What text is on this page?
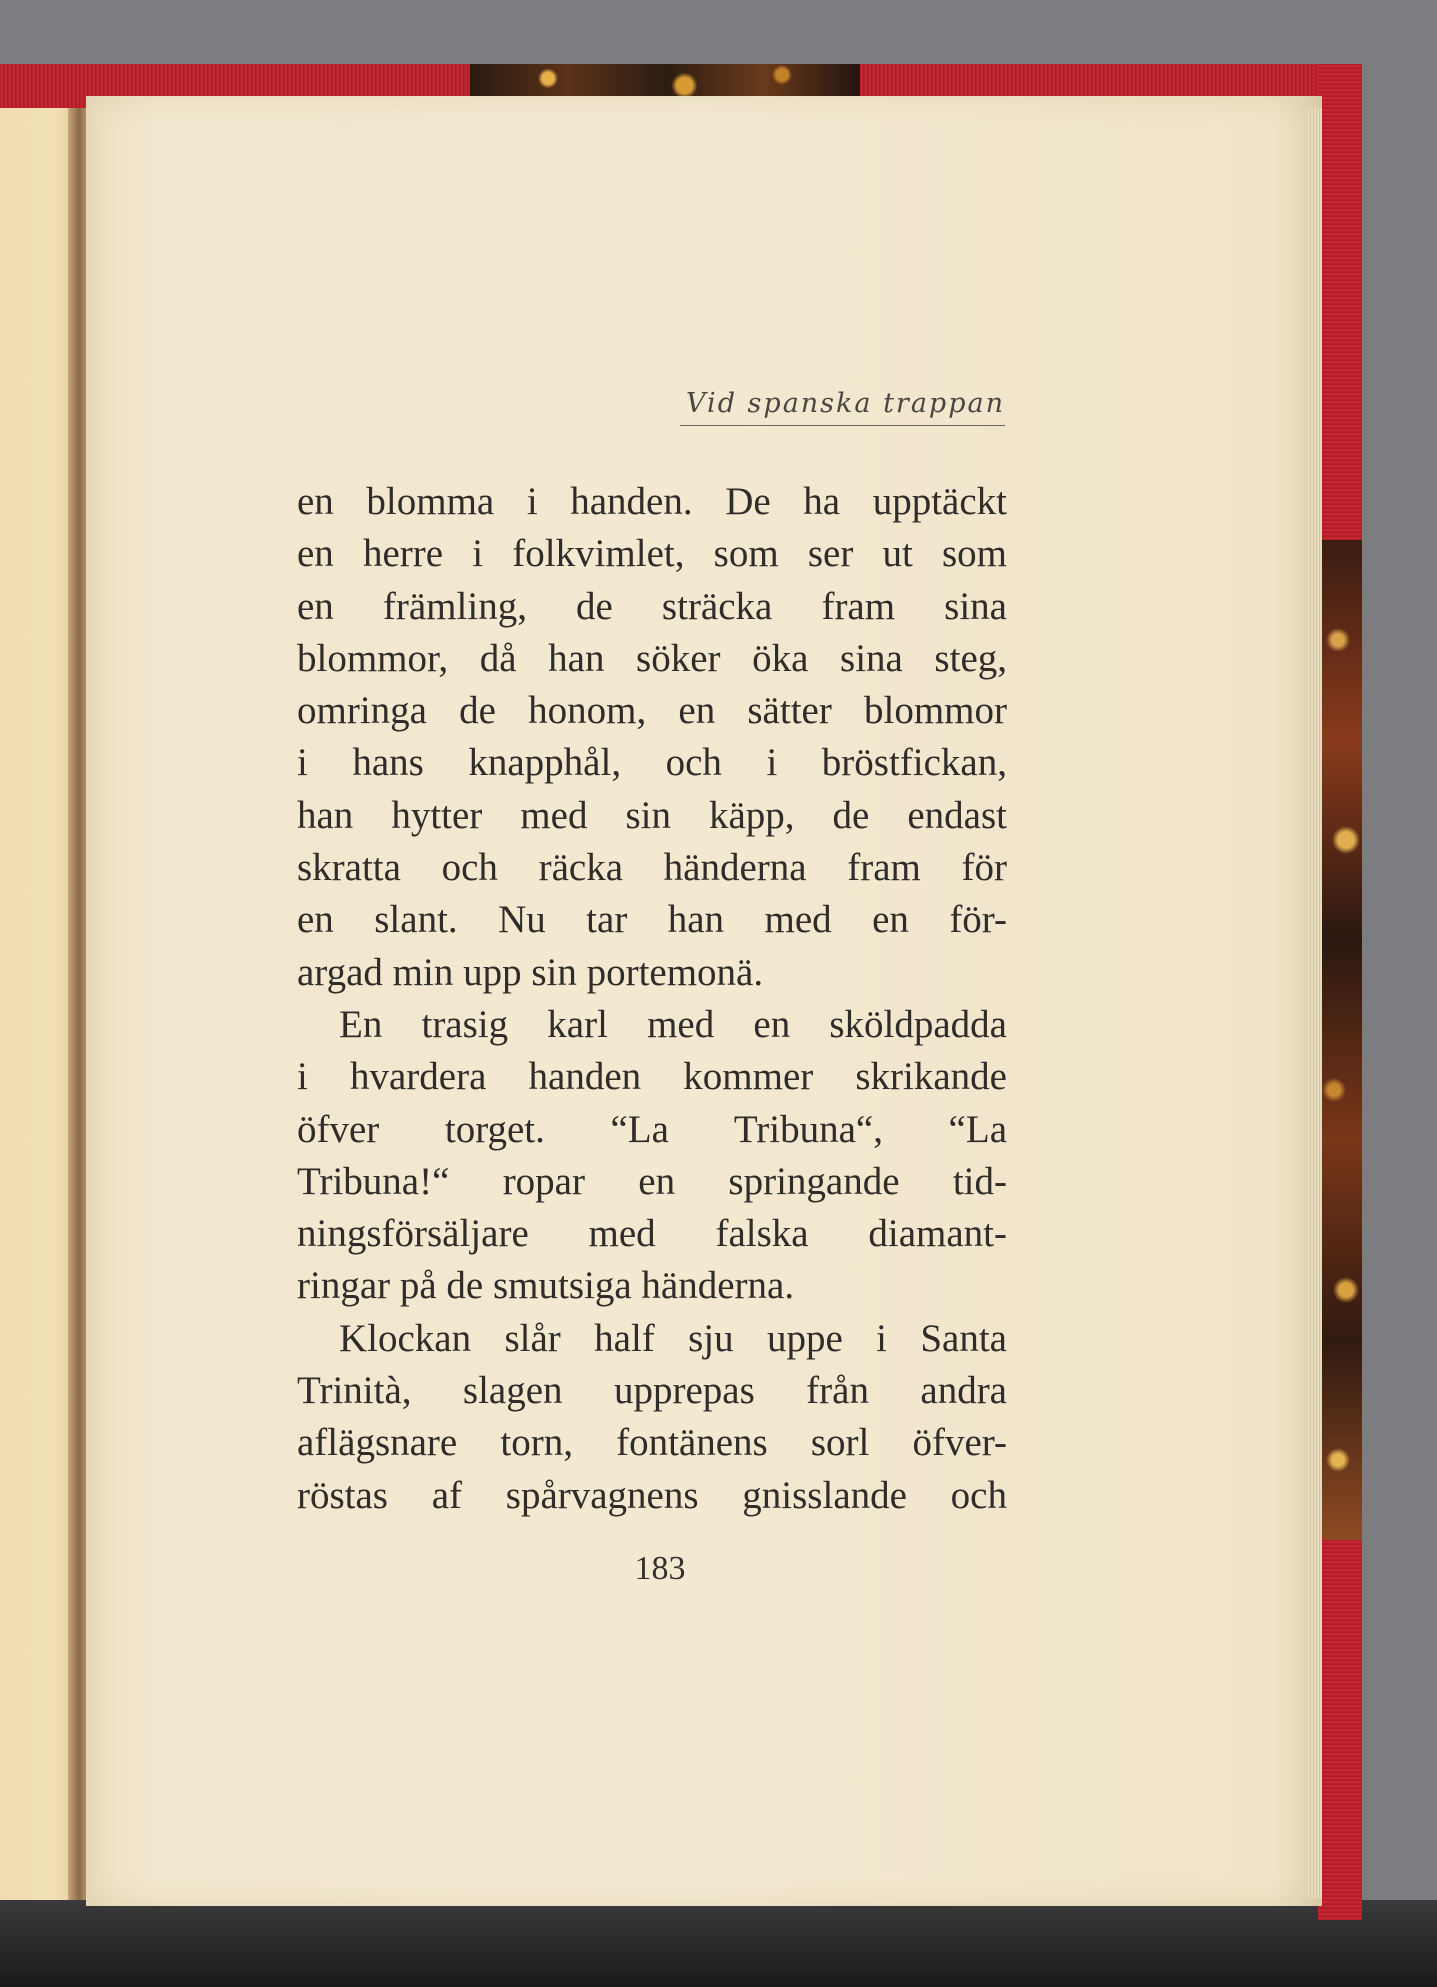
Vid spanska trappan
en blomma i handen. De ha upptäckt
en herre i folkvimlet, som ser ut som
en främling, de sträcka fram sina
blommor, då han söker öka sina steg,
omringa de honom, en sätter blommor
i hans knapphål, och i bröstfickan,
han hytter med sin käpp, de endast
skratta och räcka händerna fram för
en slant. Nu tar han med en för-
argad min upp sin portemonä.
En trasig karl med en sköldpadda
i hvardera handen kommer skrikande
öfver torget. “La Tribuna“, “La
Tribuna!“ ropar en springande tid-
ningsförsäljare med falska diamant-
ringar på de smutsiga händerna.
Klockan slår half sju uppe i Santa
Trinità, slagen upprepas från andra
aflägsnare torn, fontänens sorl öfver-
röstas af spårvagnens gnisslande och
183
